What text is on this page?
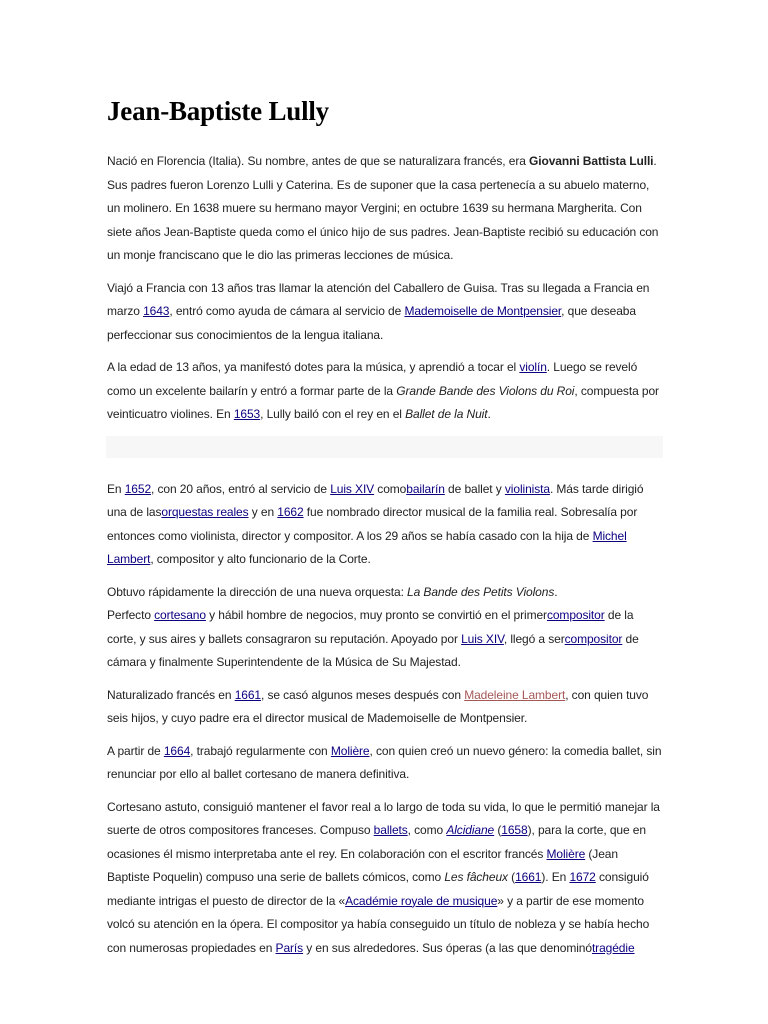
Jean-Baptiste Lully

Nació en Florencia (Italia). Su nombre, antes de que se naturalizara francés, era Giovanni Battista Lulli. Sus padres fueron Lorenzo Lulli y Caterina. Es de suponer que la casa pertenecía a su abuelo materno, un molinero. En 1638 muere su hermano mayor Vergini; en octubre 1639 su hermana Margherita. Con siete años Jean-Baptiste queda como el único hijo de sus padres. Jean-Baptiste recibió su educación con un monje franciscano que le dio las primeras lecciones de música.

Viajó a Francia con 13 años tras llamar la atención del Caballero de Guisa. Tras su llegada a Francia en marzo 1643, entró como ayuda de cámara al servicio de Mademoiselle de Montpensier, que deseaba perfeccionar sus conocimientos de la lengua italiana.

A la edad de 13 años, ya manifestó dotes para la música, y aprendió a tocar el violín. Luego se reveló como un excelente bailarín y entró a formar parte de la Grande Bande des Violons du Roi, compuesta por veinticuatro violines. En 1653, Lully bailó con el rey en el Ballet de la Nuit.

En 1652, con 20 años, entró al servicio de Luis XIV comobailarín de ballet y violinista. Más tarde dirigió una de lasorquestas reales y en 1662 fue nombrado director musical de la familia real. Sobresalía por entonces como violinista, director y compositor. A los 29 años se había casado con la hija de Michel Lambert, compositor y alto funcionario de la Corte.

Obtuvo rápidamente la dirección de una nueva orquesta: La Bande des Petits Violons.
Perfecto cortesano y hábil hombre de negocios, muy pronto se convirtió en el primercompositor de la corte, y sus aires y ballets consagraron su reputación. Apoyado por Luis XIV, llegó a sercompositor de cámara y finalmente Superintendente de la Música de Su Majestad.

Naturalizado francés en 1661, se casó algunos meses después con Madeleine Lambert, con quien tuvo seis hijos, y cuyo padre era el director musical de Mademoiselle de Montpensier.

A partir de 1664, trabajó regularmente con Molière, con quien creó un nuevo género: la comedia ballet, sin renunciar por ello al ballet cortesano de manera definitiva.

Cortesano astuto, consiguió mantener el favor real a lo largo de toda su vida, lo que le permitió manejar la suerte de otros compositores franceses. Compuso ballets, como Alcidiane (1658), para la corte, que en ocasiones él mismo interpretaba ante el rey. En colaboración con el escritor francés Molière (Jean Baptiste Poquelin) compuso una serie de ballets cómicos, como Les fâcheux (1661). En 1672 consiguió mediante intrigas el puesto de director de la «Académie royale de musique» y a partir de ese momento volcó su atención en la ópera. El compositor ya había conseguido un título de nobleza y se había hecho con numerosas propiedades en París y en sus alrededores. Sus óperas (a las que denominótragédie
